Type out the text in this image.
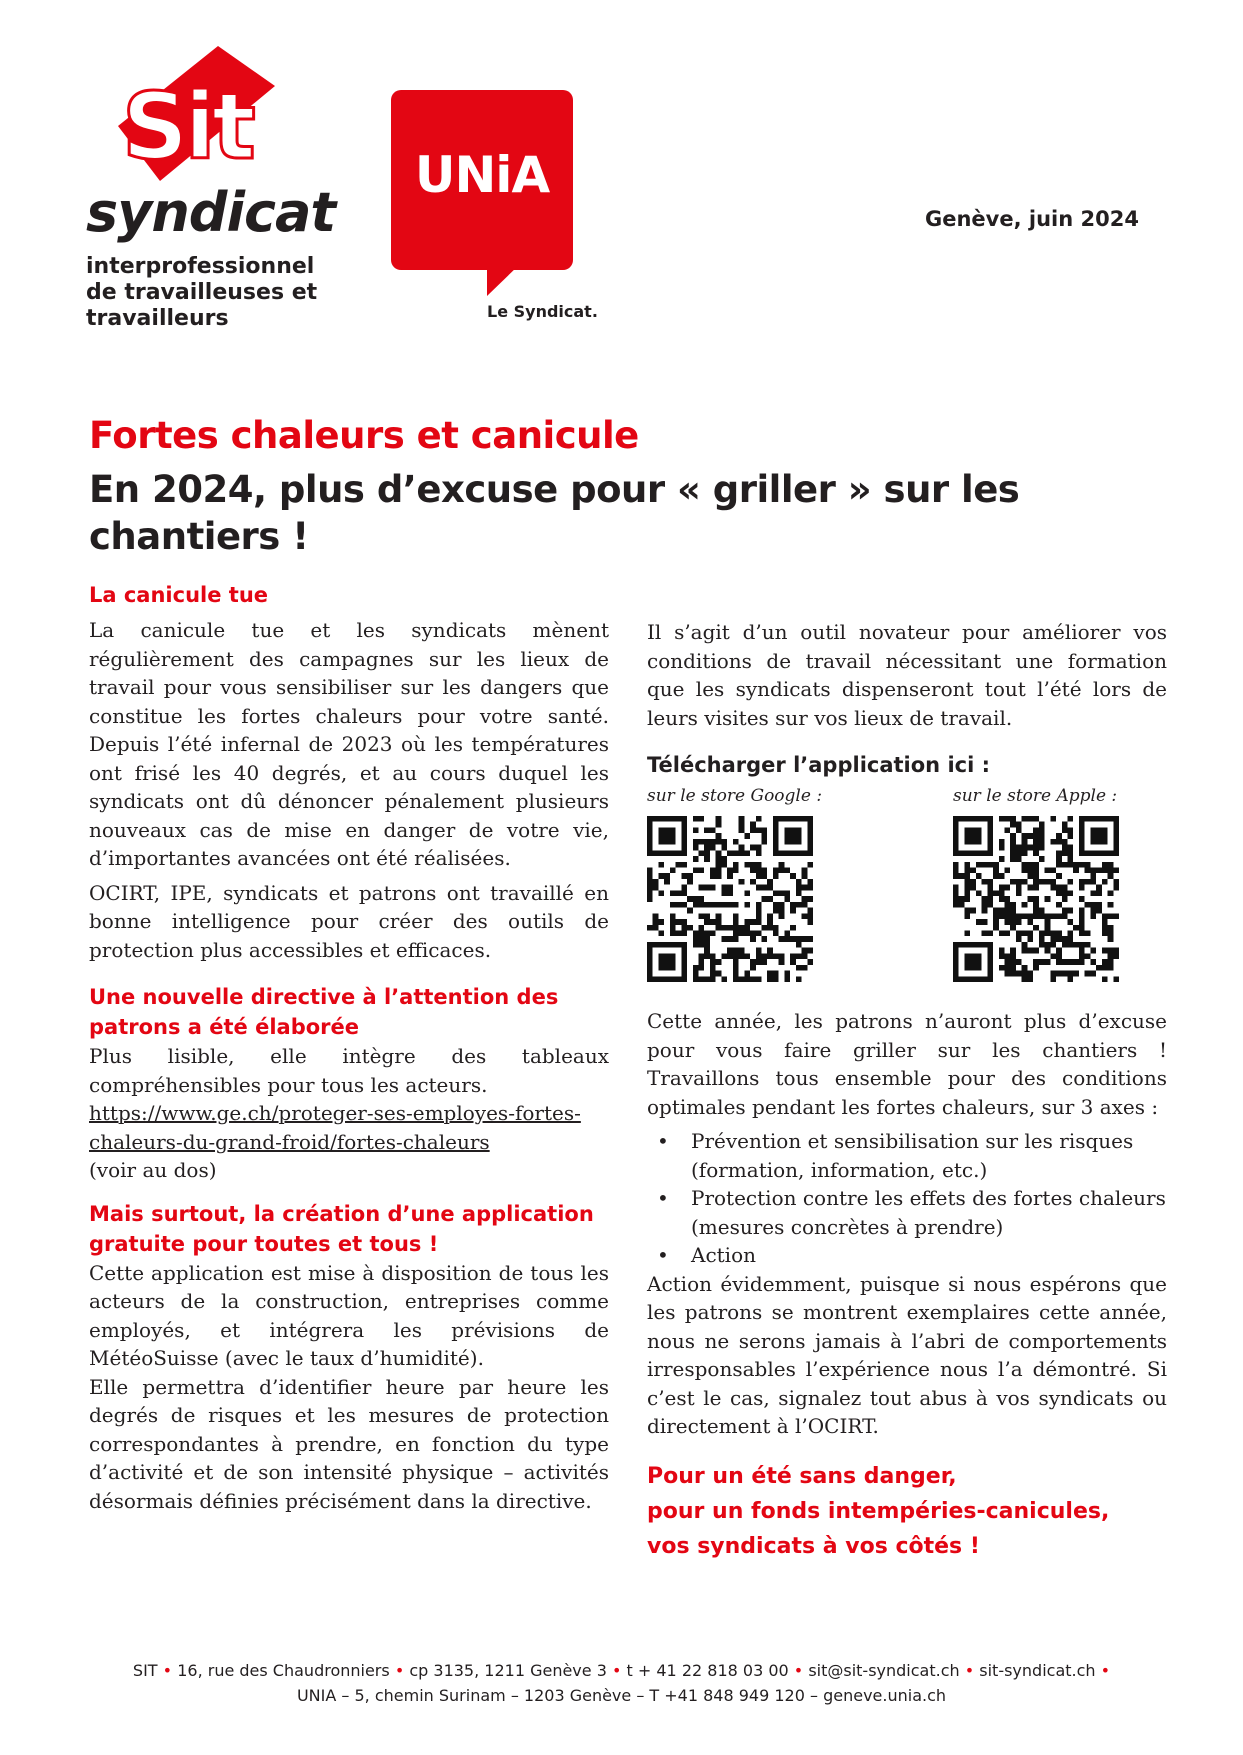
Sit
syndicat
interprofessionnel
de travailleuses et
travailleurs
UNiA
Le Syndicat.
Genève, juin 2024
Fortes chaleurs et canicule
En 2024, plus d’excuse pour « griller » sur les chantiers !
La canicule tue

La canicule tue et les syndicats mènent régulièrement des campagnes sur les lieux de travail pour vous sensibiliser sur les dangers que constitue les fortes chaleurs pour votre santé. Depuis l’été infernal de 2023 où les températures ont frisé les 40 degrés, et au cours duquel les syndicats ont dû dénoncer pénalement plusieurs nouveaux cas de mise en danger de votre vie, d’importantes avancées ont été réalisées.

OCIRT, IPE, syndicats et patrons ont travaillé en bonne intelligence pour créer des outils de protection plus accessibles et efficaces.

Une nouvelle directive à l’attention des patrons a été élaborée

Plus lisible, elle intègre des tableaux compréhensibles pour tous les acteurs.

https://www.ge.ch/proteger-ses-employes-fortes-chaleurs-du-grand-froid/fortes-chaleurs

(voir au dos)

Mais surtout, la création d’une application gratuite pour toutes et tous !

Cette application est mise à disposition de tous les acteurs de la construction, entreprises comme employés, et intégrera les prévisions de MétéoSuisse (avec le taux d’humidité).

Elle permettra d’identifier heure par heure les degrés de risques et les mesures de protection correspondantes à prendre, en fonction du type d’activité et de son intensité physique – activités désormais définies précisément dans la directive.

Il s’agit d’un outil novateur pour améliorer vos conditions de travail nécessitant une formation que les syndicats dispenseront tout l’été lors de leurs visites sur vos lieux de travail.

Télécharger l’application ici :
sur le store Google :	sur le store Apple :

Cette année, les patrons n’auront plus d’excuse pour vous faire griller sur les chantiers ! Travaillons tous ensemble pour des conditions optimales pendant les fortes chaleurs, sur 3 axes :

• Prévention et sensibilisation sur les risques (formation, information, etc.)
• Protection contre les effets des fortes chaleurs (mesures concrètes à prendre)
• Action

Action évidemment, puisque si nous espérons que les patrons se montrent exemplaires cette année, nous ne serons jamais à l’abri de comportements irresponsables l’expérience nous l’a démontré. Si c’est le cas, signalez tout abus à vos syndicats ou directement à l’OCIRT.

Pour un été sans danger,
pour un fonds intempéries-canicules,
vos syndicats à vos côtés !
SIT • 16, rue des Chaudronniers • cp 3135, 1211 Genève 3 • t + 41 22 818 03 00 • sit@sit-syndicat.ch • sit-syndicat.ch •
UNIA – 5, chemin Surinam – 1203 Genève – T +41 848 949 120 – geneve.unia.ch
